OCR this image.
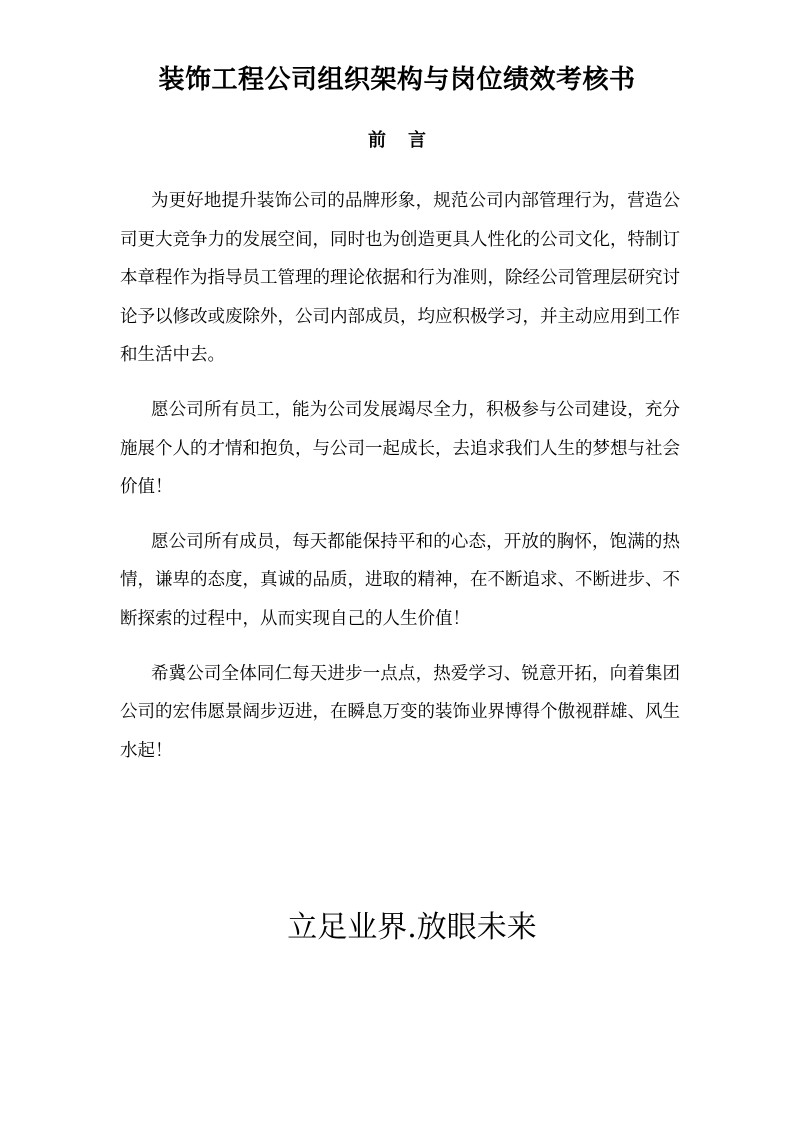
装饰工程公司组织架构与岗位绩效考核书
前 言

为更好地提升装饰公司的品牌形象，规范公司内部管理行为，营造公司更大竞争力的发展空间，同时也为创造更具人性化的公司文化，特制订本章程作为指导员工管理的理论依据和行为准则，除经公司管理层研究讨论予以修改或废除外，公司内部成员，均应积极学习，并主动应用到工作和生活中去。

愿公司所有员工，能为公司发展竭尽全力，积极参与公司建设，充分施展个人的才情和抱负，与公司一起成长，去追求我们人生的梦想与社会价值！

愿公司所有成员，每天都能保持平和的心态，开放的胸怀，饱满的热情，谦卑的态度，真诚的品质，进取的精神，在不断追求、不断进步、不断探索的过程中，从而实现自己的人生价值！

希冀公司全体同仁每天进步一点点，热爱学习、锐意开拓，向着集团公司的宏伟愿景阔步迈进，在瞬息万变的装饰业界博得个傲视群雄、风生水起！

立足业界.放眼未来
